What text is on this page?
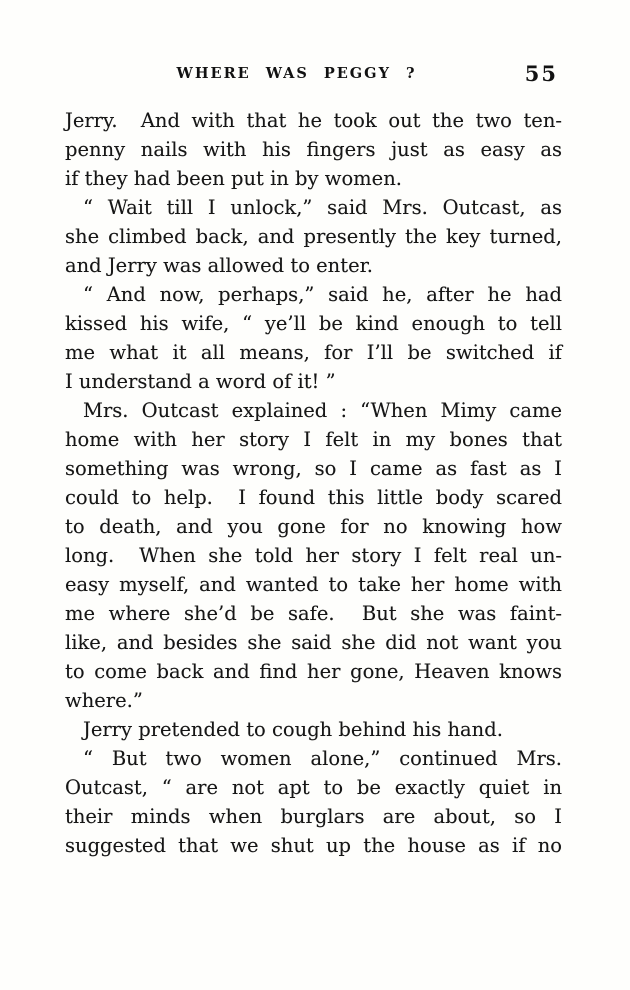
WHERE WAS PEGGY ?	55
Jerry.  And with that he took out the two ten-
penny nails with his fingers just as easy as
if they had been put in by women.
“ Wait till I unlock,” said Mrs. Outcast, as
she climbed back, and presently the key turned,
and Jerry was allowed to enter.
“ And now, perhaps,” said he, after he had
kissed his wife, “ ye’ll be kind enough to tell
me what it all means, for I’ll be switched if
I understand a word of it! ”
Mrs. Outcast explained : “When Mimy came
home with her story I felt in my bones that
something was wrong, so I came as fast as I
could to help.  I found this little body scared
to death, and you gone for no knowing how
long.  When she told her story I felt real un-
easy myself, and wanted to take her home with
me where she’d be safe.  But she was faint-
like, and besides she said she did not want you
to come back and find her gone, Heaven knows
where.”
Jerry pretended to cough behind his hand.
“ But two women alone,” continued Mrs.
Outcast, “ are not apt to be exactly quiet in
their minds when burglars are about, so I
suggested that we shut up the house as if no
